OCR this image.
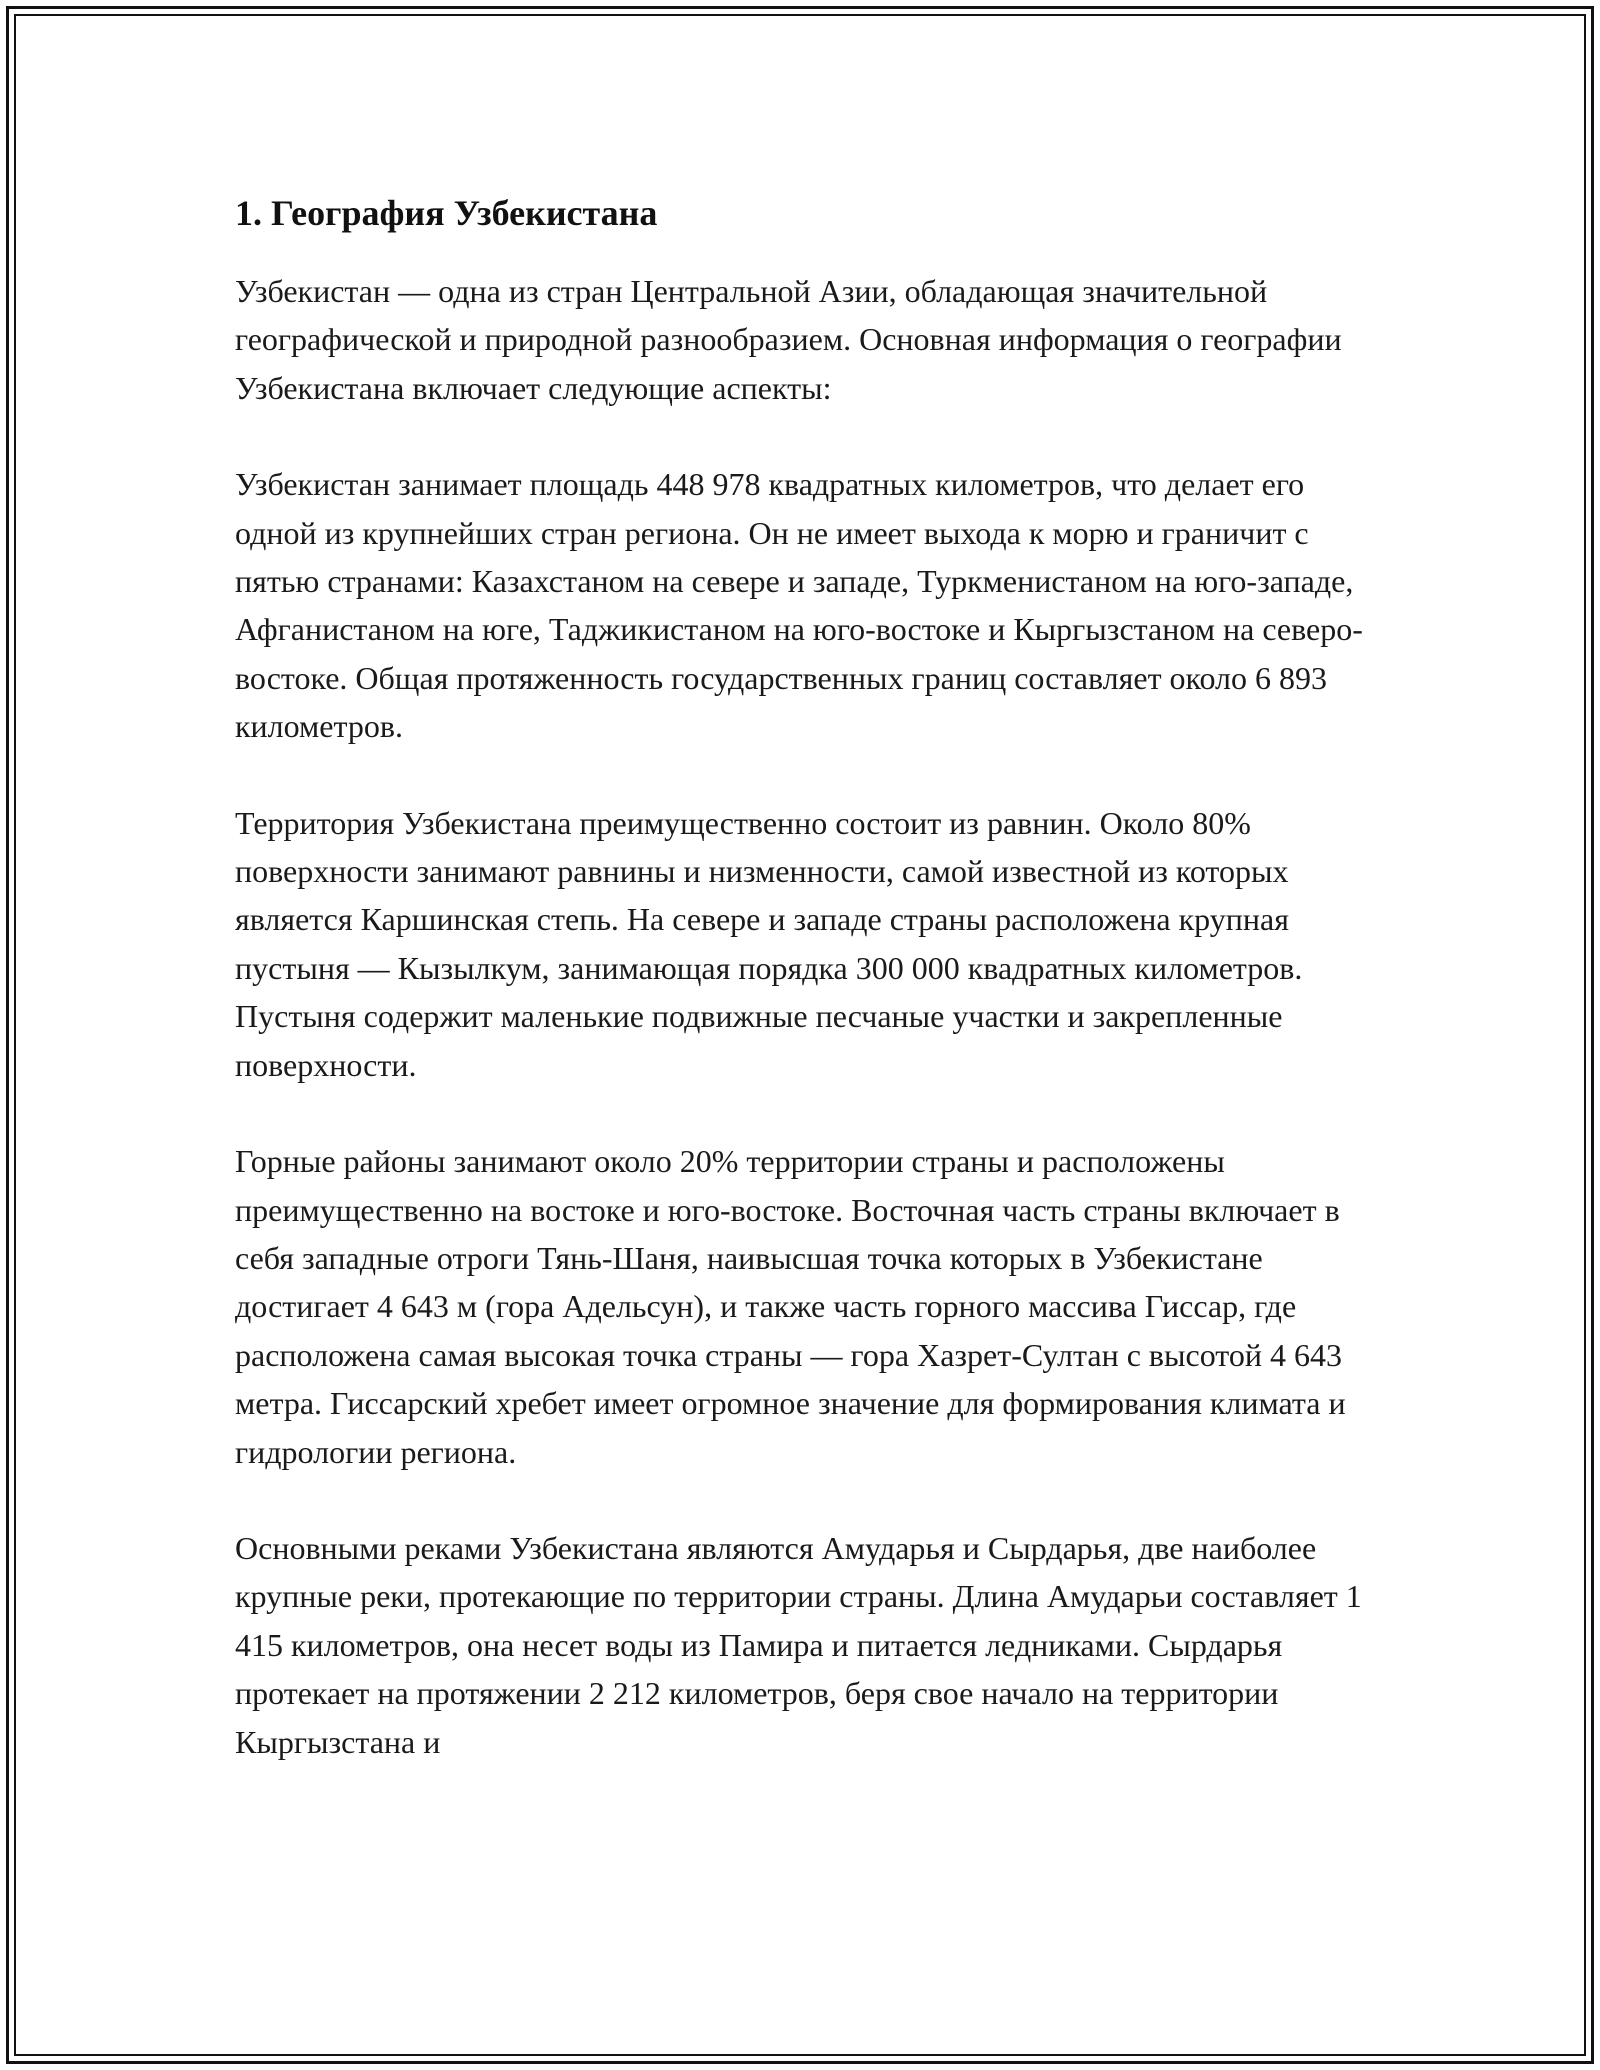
1. География Узбекистана

Узбекистан — одна из стран Центральной Азии, обладающая значительной географической и природной разнообразием. Основная информация о географии Узбекистана включает следующие аспекты:

Узбекистан занимает площадь 448 978 квадратных километров, что делает его одной из крупнейших стран региона. Он не имеет выхода к морю и граничит с пятью странами: Казахстаном на севере и западе, Туркменистаном на юго-западе, Афганистаном на юге, Таджикистаном на юго-востоке и Кыргызстаном на северо-востоке. Общая протяженность государственных границ составляет около 6 893 километров.

Территория Узбекистана преимущественно состоит из равнин. Около 80% поверхности занимают равнины и низменности, самой известной из которых является Каршинская степь. На севере и западе страны расположена крупная пустыня — Кызылкум, занимающая порядка 300 000 квадратных километров. Пустыня содержит маленькие подвижные песчаные участки и закрепленные поверхности.

Горные районы занимают около 20% территории страны и расположены преимущественно на востоке и юго-востоке. Восточная часть страны включает в себя западные отроги Тянь-Шаня, наивысшая точка которых в Узбекистане достигает 4 643 м (гора Адельсун), и также часть горного массива Гиссар, где расположена самая высокая точка страны — гора Хазрет-Султан с высотой 4 643 метра. Гиссарский хребет имеет огромное значение для формирования климата и гидрологии региона.

Основными реками Узбекистана являются Амударья и Сырдарья, две наиболее крупные реки, протекающие по территории страны. Длина Амударьи составляет 1 415 километров, она несет воды из Памира и питается ледниками. Сырдарья протекает на протяжении 2 212 километров, беря свое начало на территории Кыргызстана и
